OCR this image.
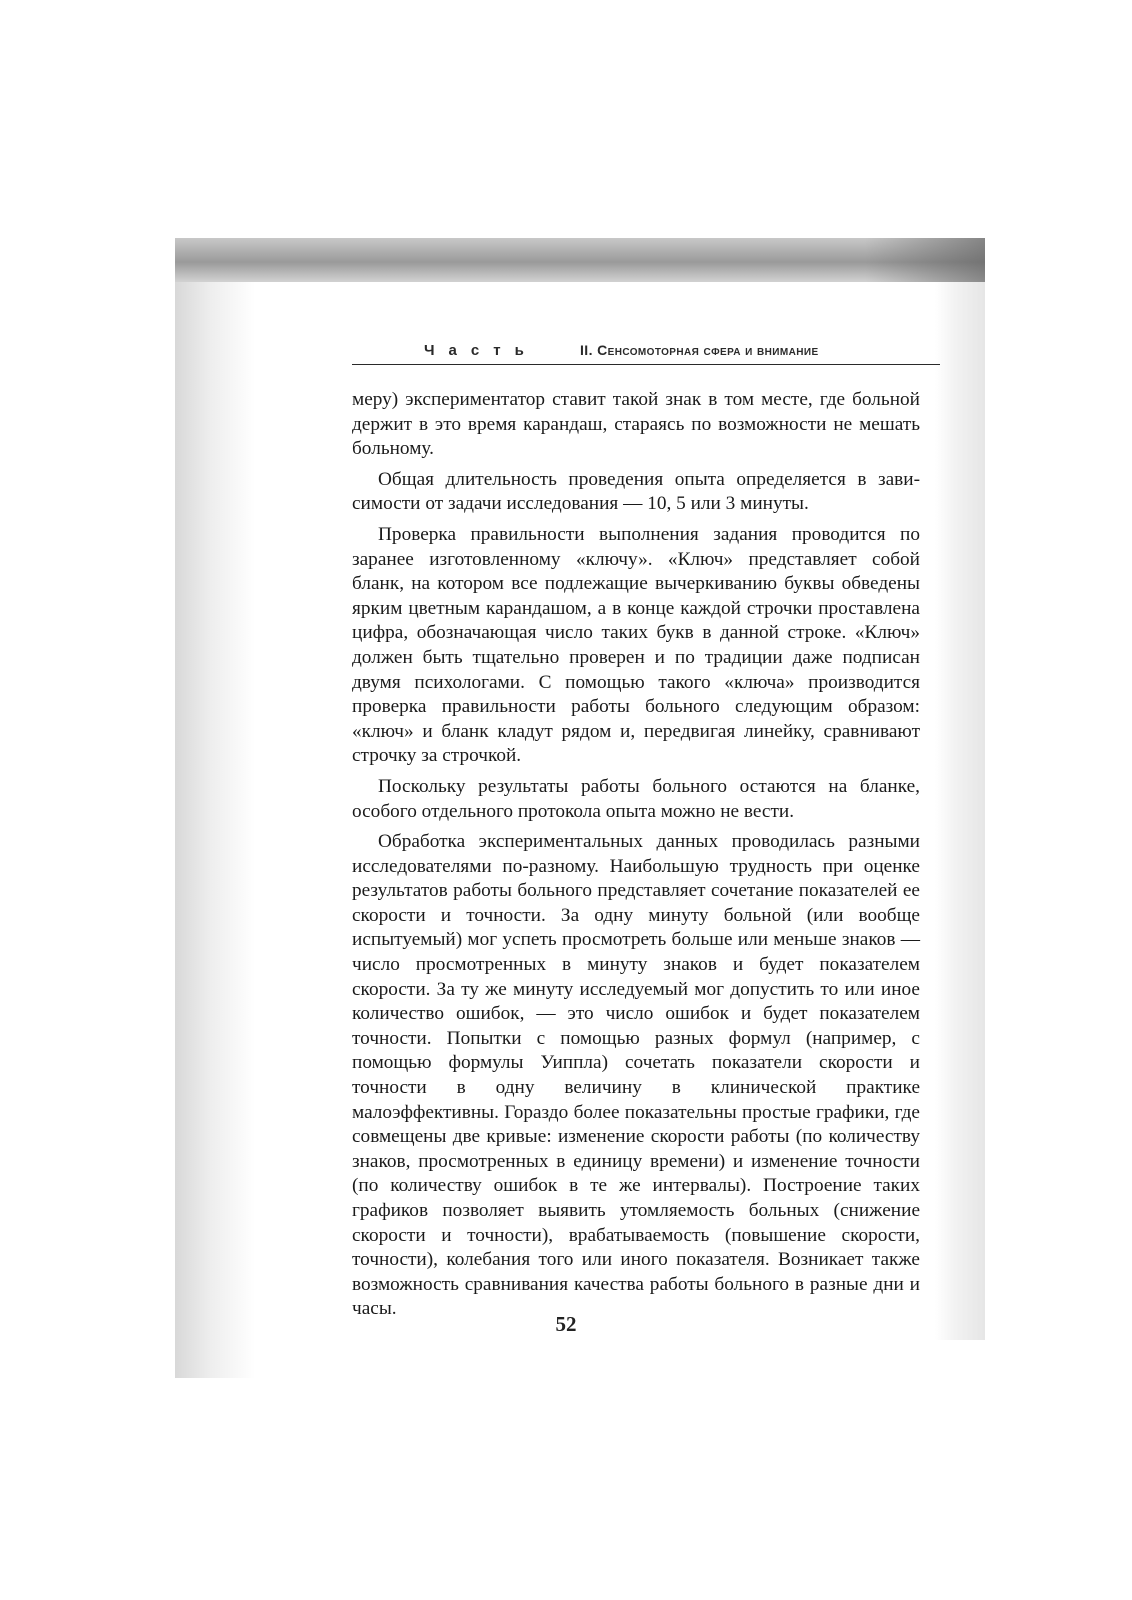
Часть	II. Сенсомоторная сфера и внимание

меру) экспериментатор ставит такой знак в том месте, где больной держит в это время карандаш, стараясь по возможности не мешать больному.

Общая длительность проведения опыта определяется в зависимости от задачи исследования — 10, 5 или 3 минуты.

Проверка правильности выполнения задания проводится по заранее изготовленному «ключу». «Ключ» представляет собой бланк, на котором все подлежащие вычеркиванию буквы обведены ярким цветным карандашом, а в конце каждой строчки проставлена цифра, обозначающая число таких букв в данной строке. «Ключ» должен быть тщательно проверен и по традиции даже подписан двумя психологами. С помощью такого «ключа» производится проверка правильности работы больного следующим образом: «ключ» и бланк кладут рядом и, передвигая линейку, сравнивают строчку за строчкой.

Поскольку результаты работы больного остаются на бланке, особого отдельного протокола опыта можно не вести.

Обработка экспериментальных данных проводилась разными исследователями по-разному. Наибольшую трудность при оценке результатов работы больного представляет сочетание показателей ее скорости и точности. За одну минуту больной (или вообще испытуемый) мог успеть просмотреть больше или меньше знаков — число просмотренных в минуту знаков и будет показателем скорости. За ту же минуту исследуемый мог допустить то или иное количество ошибок, — это число ошибок и будет показателем точности. Попытки с помощью разных формул (например, с помощью формулы Уиппла) сочетать показатели скорости и точности в одну величину в клинической практике малоэффективны. Гораздо более показательны простые графики, где совмещены две кривые: изменение скорости работы (по количеству знаков, просмотренных в единицу времени) и изменение точности (по количеству ошибок в те же интервалы). Построение таких графиков позволяет выявить утомляемость больных (снижение скорости и точности), врабатываемость (повышение скорости, точности), колебания того или иного показателя. Возникает также возможность сравнивания качества работы больного в разные дни и часы.

52
